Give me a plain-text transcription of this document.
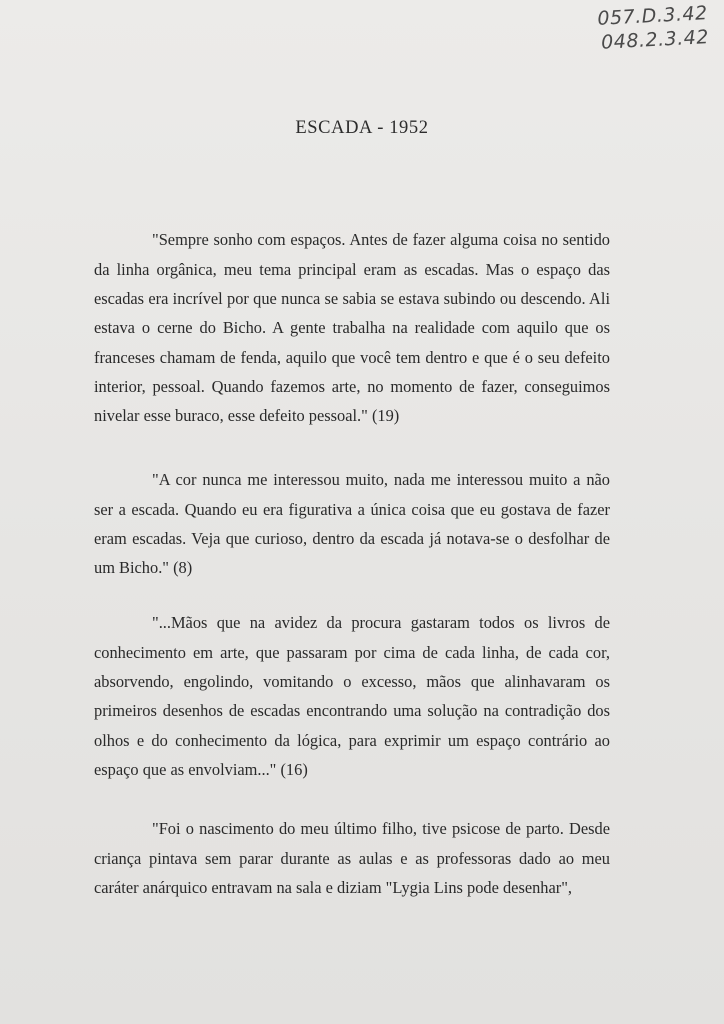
057.D.3.42
048.2.3.42
ESCADA - 1952

"Sempre sonho com espaços. Antes de fazer alguma coisa no sentido da linha orgânica, meu tema principal eram as escadas. Mas o espaço das escadas era incrível por que nunca se sabia se estava subindo ou descendo. Ali estava o cerne do Bicho. A gente trabalha na realidade com aquilo que os franceses chamam de fenda, aquilo que você tem dentro e que é o seu defeito interior, pessoal. Quando fazemos arte, no momento de fazer, conseguimos nivelar esse buraco, esse defeito pessoal." (19)

"A cor nunca me interessou muito, nada me interessou muito a não ser a escada. Quando eu era figurativa a única coisa que eu gostava de fazer eram escadas. Veja que curioso, dentro da escada já notava-se o desfolhar de um Bicho." (8)

"...Mãos que na avidez da procura gastaram todos os livros de conhecimento em arte, que passaram por cima de cada linha, de cada cor, absorvendo, engolindo, vomitando o excesso, mãos que alinhavaram os primeiros desenhos de escadas encontrando uma solução na contradição dos olhos e do conhecimento da lógica, para exprimir um espaço contrário ao espaço que as envolviam..." (16)

"Foi o nascimento do meu último filho, tive psicose de parto. Desde criança pintava sem parar durante as aulas e as professoras dado ao meu caráter anárquico entravam na sala e diziam "Lygia Lins pode desenhar",
